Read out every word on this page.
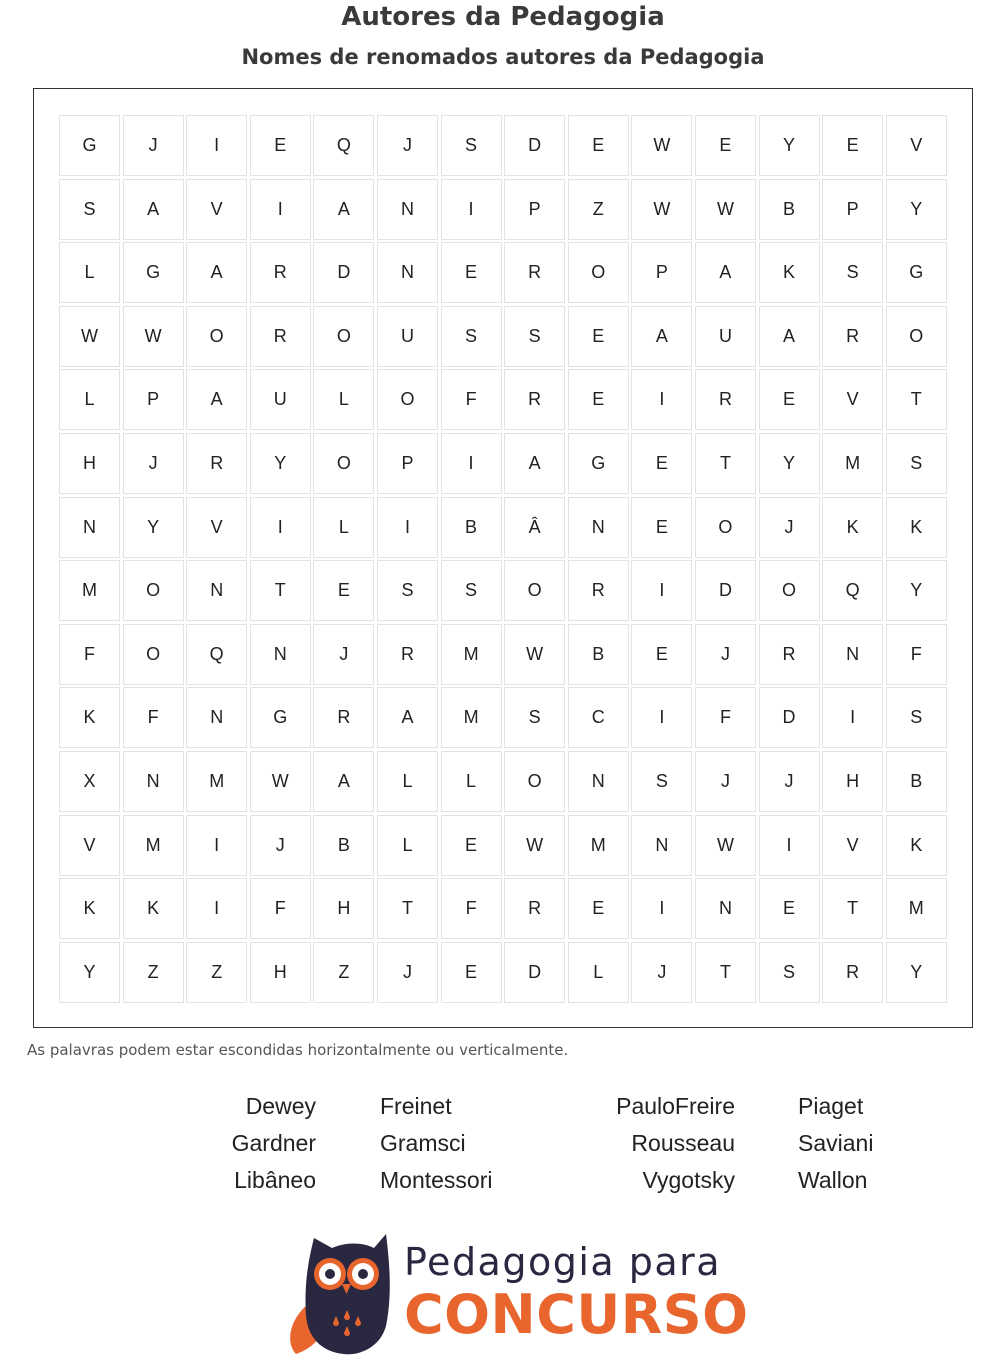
Autores da Pedagogia
Nomes de renomados autores da Pedagogia
G	J	I	E	Q	J	S	D	E	W	E	Y	E	V
S	A	V	I	A	N	I	P	Z	W	W	B	P	Y
L	G	A	R	D	N	E	R	O	P	A	K	S	G
W	W	O	R	O	U	S	S	E	A	U	A	R	O
L	P	A	U	L	O	F	R	E	I	R	E	V	T
H	J	R	Y	O	P	I	A	G	E	T	Y	M	S
N	Y	V	I	L	I	B	Â	N	E	O	J	K	K
M	O	N	T	E	S	S	O	R	I	D	O	Q	Y
F	O	Q	N	J	R	M	W	B	E	J	R	N	F
K	F	N	G	R	A	M	S	C	I	F	D	I	S
X	N	M	W	A	L	L	O	N	S	J	J	H	B
V	M	I	J	B	L	E	W	M	N	W	I	V	K
K	K	I	F	H	T	F	R	E	I	N	E	T	M
Y	Z	Z	H	Z	J	E	D	L	J	T	S	R	Y
As palavras podem estar escondidas horizontalmente ou verticalmente.
Dewey
Gardner
Libâneo
Freinet
Gramsci
Montessori
PauloFreire
Rousseau
Vygotsky
Piaget
Saviani
Wallon
Pedagogia para
CONCURSO
